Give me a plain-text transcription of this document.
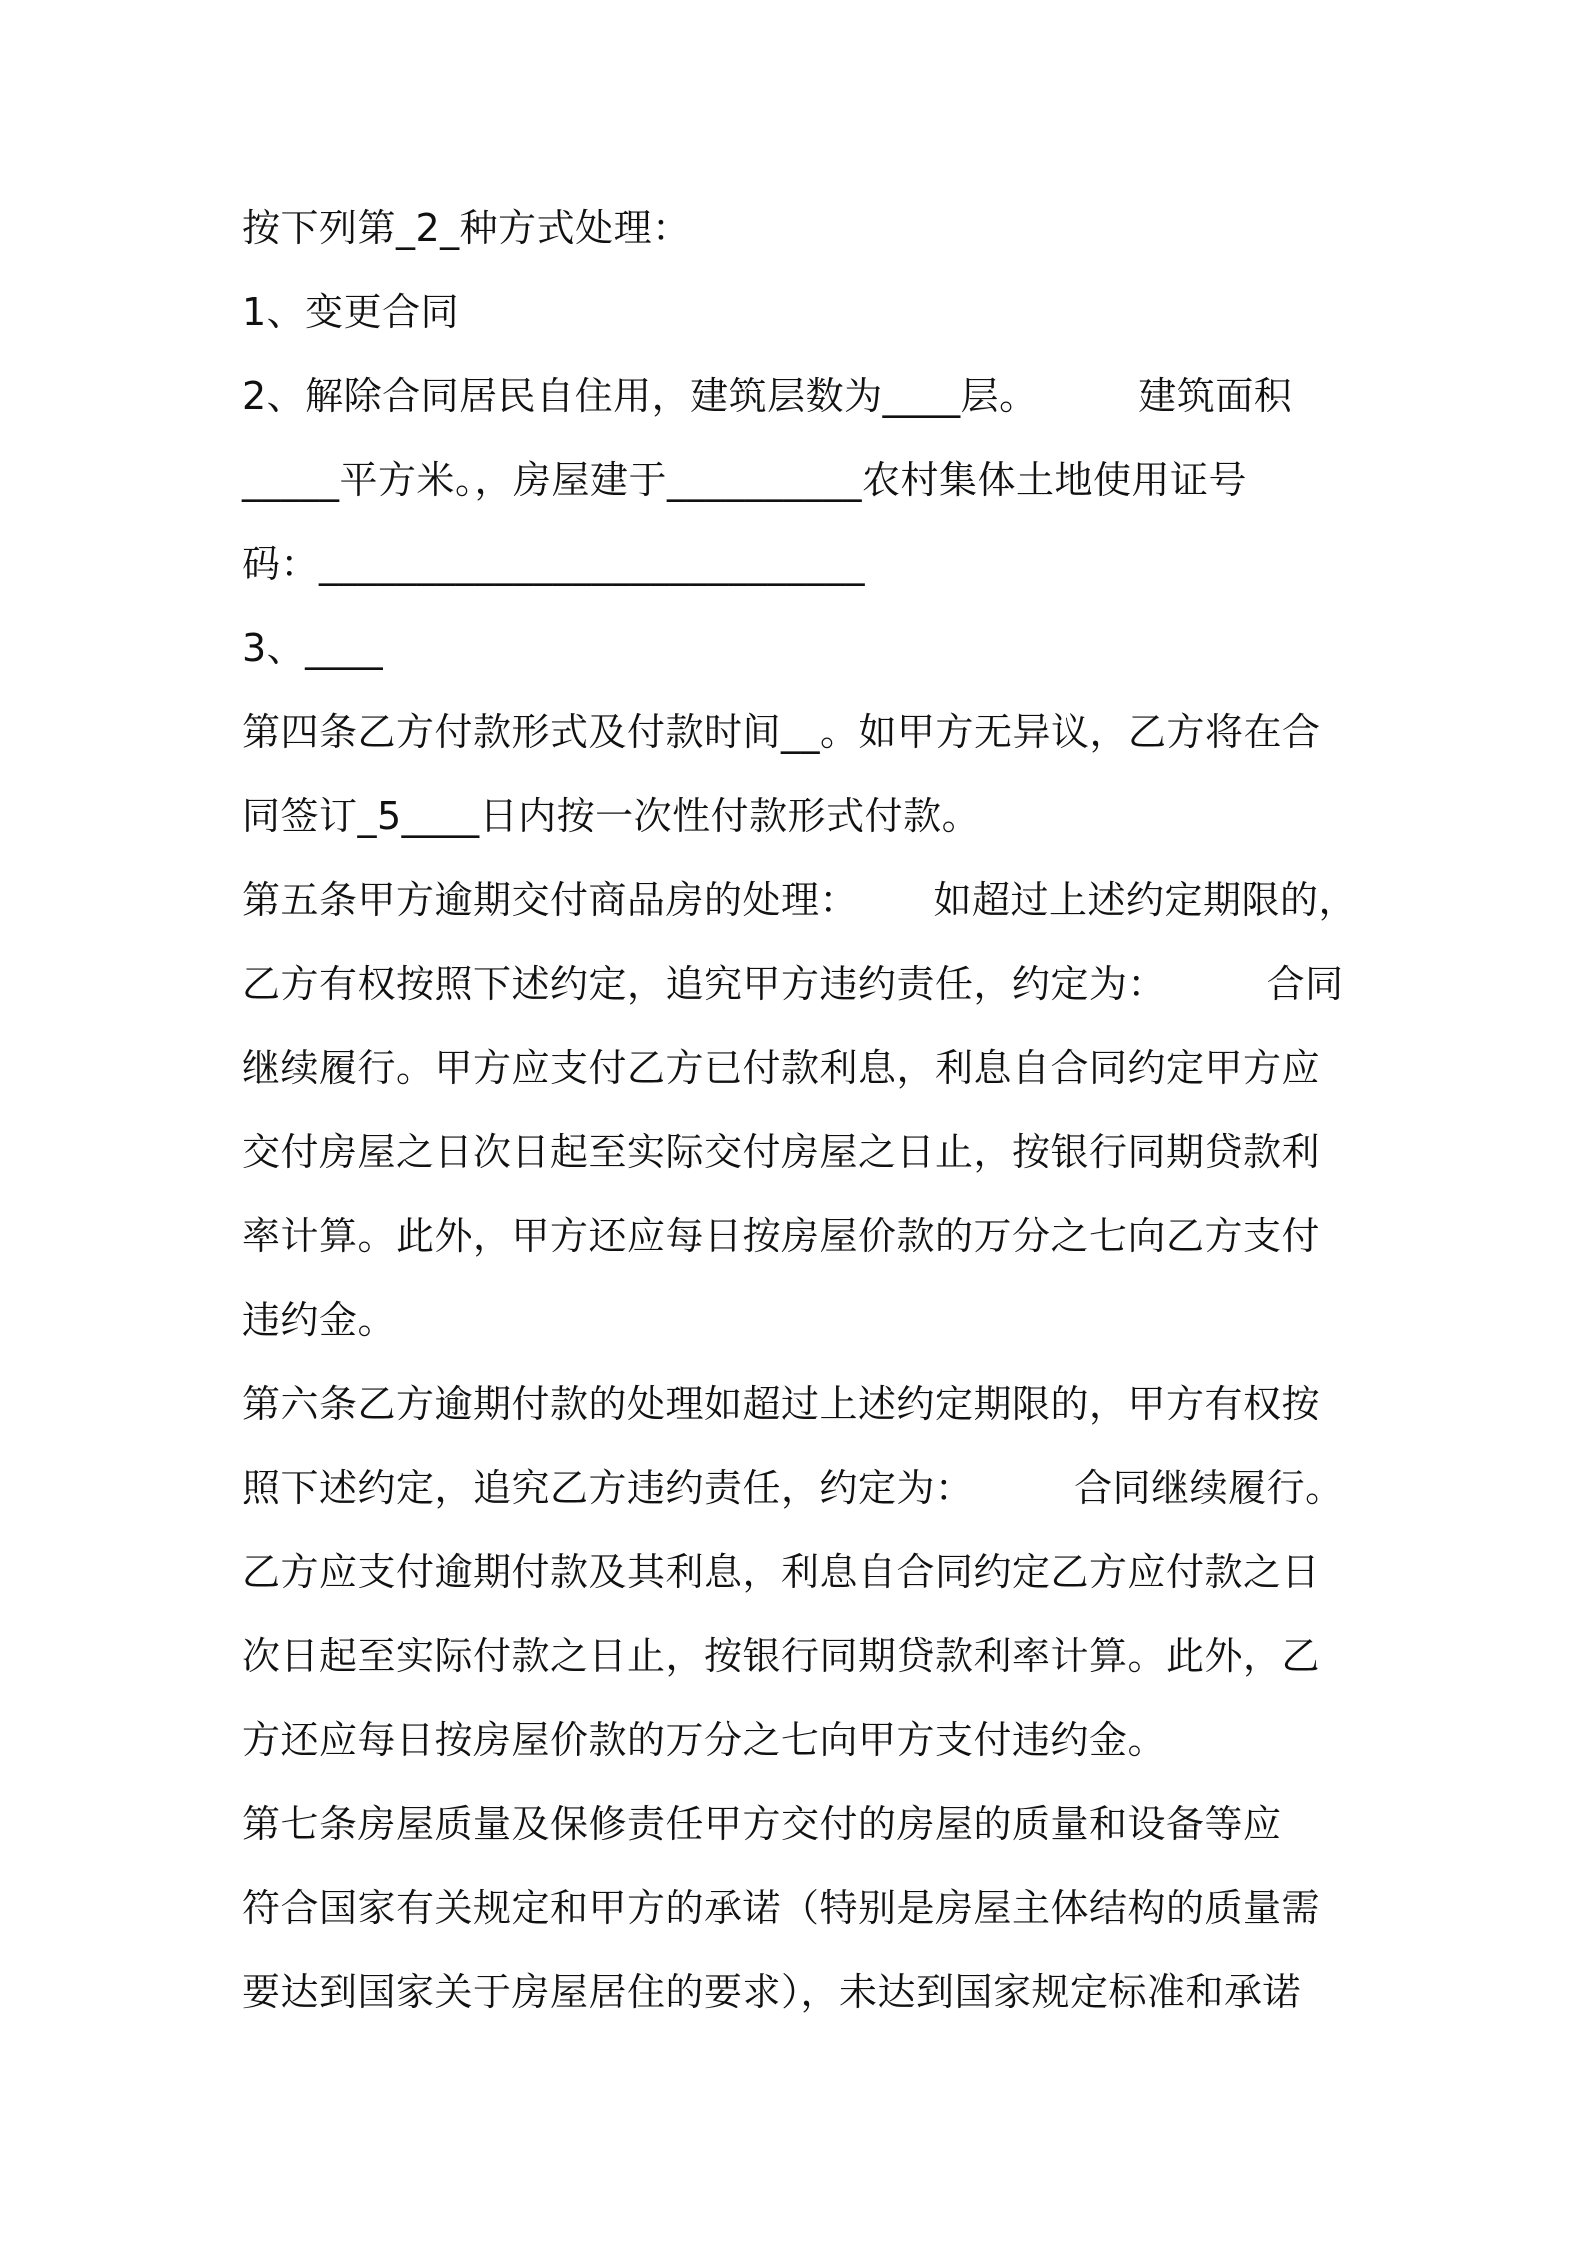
按下列第_2_种方式处理：
1、变更合同
2、解除合同居民自住用，建筑层数为____层。        建筑面积
_____平方米。，房屋建于__________农村集体土地使用证号
码：____________________________
3、____
第四条乙方付款形式及付款时间__。如甲方无异议，乙方将在合
同签订_5____日内按一次性付款形式付款。
第五条甲方逾期交付商品房的处理：      如超过上述约定期限的，
乙方有权按照下述约定，追究甲方违约责任，约定为：        合同
继续履行。甲方应支付乙方已付款利息，利息自合同约定甲方应
交付房屋之日次日起至实际交付房屋之日止，按银行同期贷款利
率计算。此外，甲方还应每日按房屋价款的万分之七向乙方支付
违约金。
第六条乙方逾期付款的处理如超过上述约定期限的，甲方有权按
照下述约定，追究乙方违约责任，约定为：        合同继续履行。
乙方应支付逾期付款及其利息，利息自合同约定乙方应付款之日
次日起至实际付款之日止，按银行同期贷款利率计算。此外，乙
方还应每日按房屋价款的万分之七向甲方支付违约金。
第七条房屋质量及保修责任甲方交付的房屋的质量和设备等应
符合国家有关规定和甲方的承诺（特别是房屋主体结构的质量需
要达到国家关于房屋居住的要求），未达到国家规定标准和承诺
